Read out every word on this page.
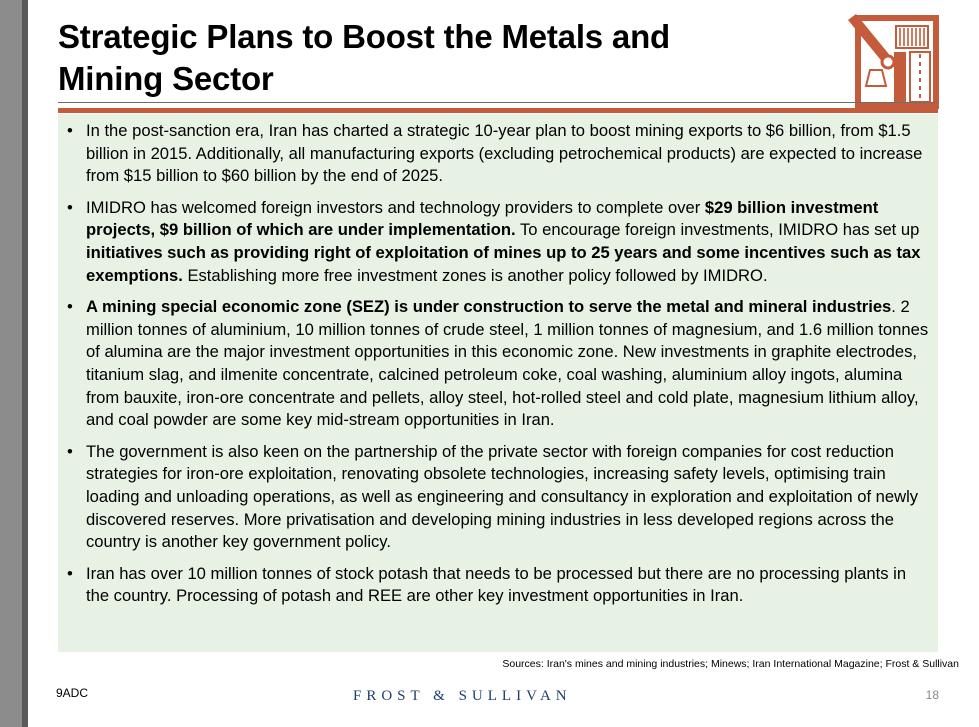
Strategic Plans to Boost the Metals and
Mining Sector
• In the post-sanction era, Iran has charted a strategic 10-year plan to boost mining exports to $6 billion, from $1.5 billion in 2015. Additionally, all manufacturing exports (excluding petrochemical products) are expected to increase from $15 billion to $60 billion by the end of 2025.
• IMIDRO has welcomed foreign investors and technology providers to complete over $29 billion investment projects, $9 billion of which are under implementation. To encourage foreign investments, IMIDRO has set up initiatives such as providing right of exploitation of mines up to 25 years and some incentives such as tax exemptions. Establishing more free investment zones is another policy followed by IMIDRO.
• A mining special economic zone (SEZ) is under construction to serve the metal and mineral industries. 2 million tonnes of aluminium, 10 million tonnes of crude steel, 1 million tonnes of magnesium, and 1.6 million tonnes of alumina are the major investment opportunities in this economic zone. New investments in graphite electrodes, titanium slag, and ilmenite concentrate, calcined petroleum coke, coal washing, aluminium alloy ingots, alumina from bauxite, iron-ore concentrate and pellets, alloy steel, hot-rolled steel and cold plate, magnesium lithium alloy, and coal powder are some key mid-stream opportunities in Iran.
• The government is also keen on the partnership of the private sector with foreign companies for cost reduction strategies for iron-ore exploitation, renovating obsolete technologies, increasing safety levels, optimising train loading and unloading operations, as well as engineering and consultancy in exploration and exploitation of newly discovered reserves. More privatisation and developing mining industries in less developed regions across the country is another key government policy.
• Iran has over 10 million tonnes of stock potash that needs to be processed but there are no processing plants in the country. Processing of potash and REE are other key investment opportunities in Iran.
Sources: Iran's mines and mining industries; Minews; Iran International Magazine; Frost & Sullivan
9ADC	FROST & SULLIVAN	18
